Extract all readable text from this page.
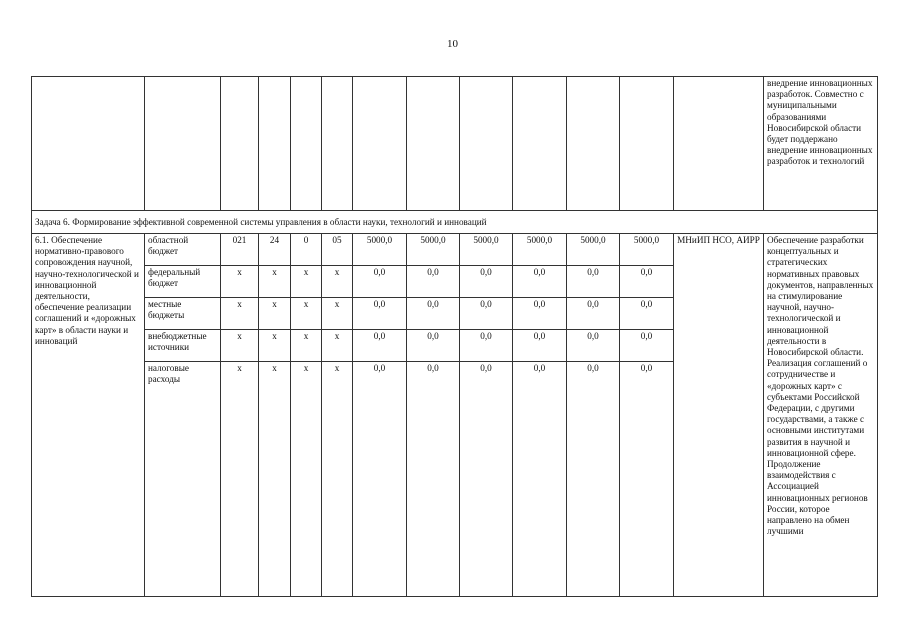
10
													внедрение инновационных разработок. Совместно с муниципальными образованиями Новосибирской области будет поддержано внедрение инновационных разработок и технологий
Задача 6. Формирование эффективной современной системы управления в области науки, технологий и инноваций													
6.1. Обеспечение нормативно-правового сопровождения научной, научно-технологической и инновационной деятельности, обеспечение реализации соглашений и «дорожных карт» в области науки и инноваций	областной бюджет	021	24	0	05	5000,0	5000,0	5000,0	5000,0	5000,0	5000,0	МНиИП НСО, АИРР	Обеспечение разработки концептуальных и стратегических нормативных правовых документов, направленных на стимулирование научной, научно-технологической и инновационной деятельности в Новосибирской области. Реализация соглашений о сотрудничестве и «дорожных карт» с субъектами Российской Федерации, с другими государствами, а также с основными институтами развития в научной и инновационной сфере. Продолжение взаимодействия с Ассоциацией инновационных регионов России, которое направлено на обмен лучшими
	федеральный бюджет	х	х	х	х	0,0	0,0	0,0	0,0	0,0	0,0		
	местные бюджеты	х	х	х	х	0,0	0,0	0,0	0,0	0,0	0,0		
	внебюджетные источники	х	х	х	х	0,0	0,0	0,0	0,0	0,0	0,0		
	налоговые расходы	х	х	х	х	0,0	0,0	0,0	0,0	0,0	0,0		
